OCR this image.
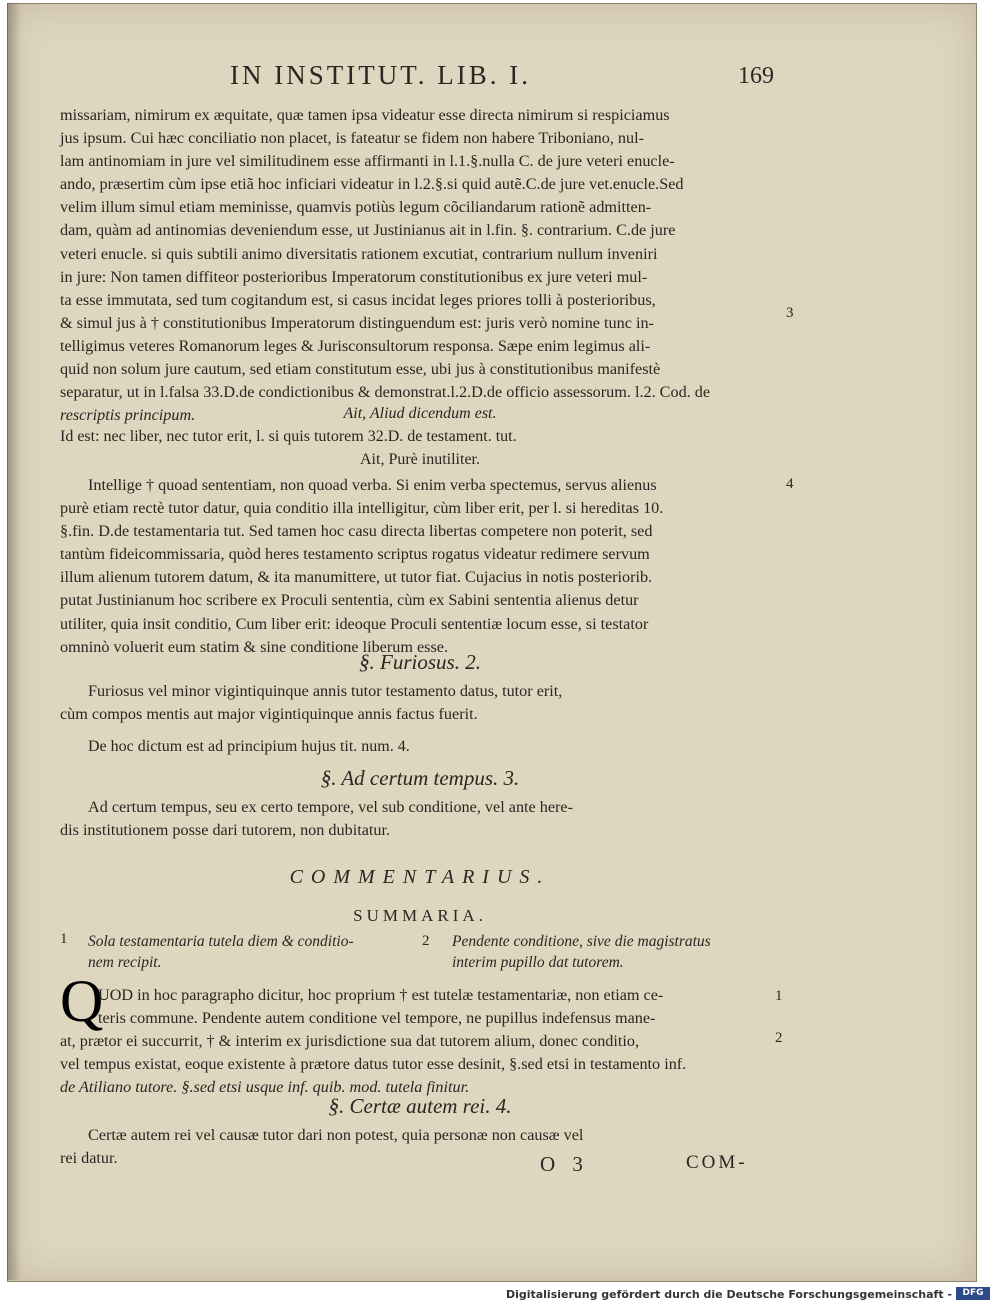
IN INSTITUT. LIB. I.	169

missariam, nimirum ex æquitate, quæ tamen ipsa videatur esse directa nimirum si respiciamus

jus ipsum. Cui hæc conciliatio non placet, is fateatur se fidem non habere Triboniano, nul-

lam antinomiam in jure vel similitudinem esse affirmanti in l.1.§.nulla C. de jure veteri enucle-

ando, præsertim cùm ipse etiã hoc inficiari videatur in l.2.§.si quid autẽ.C.de jure vet.enucle.Sed

velim illum simul etiam meminisse, quamvis potiùs legum cõciliandarum rationẽ admitten-

dam, quàm ad antinomias deveniendum esse, ut Justinianus ait in l.fin. §. contrarium. C.de jure

veteri enucle. si quis subtili animo diversitatis rationem excutiat, contrarium nullum inveniri

in jure: Non tamen diffiteor posterioribus Imperatorum constitutionibus ex jure veteri mul-

ta esse immutata, sed tum cogitandum est, si casus incidat leges priores tolli à posterioribus,

& simul jus à † constitutionibus Imperatorum distinguendum est: juris verò nomine tunc in-

telligimus veteres Romanorum leges & Jurisconsultorum responsa. Sæpe enim legimus ali-

quid non solum jure cautum, sed etiam constitutum esse, ubi jus à constitutionibus manifestè

separatur, ut in l.falsa 33.D.de condictionibus & demonstrat.l.2.D.de officio assessorum. l.2. Cod. de

rescriptis principum.

3
Ait, Aliud dicendum est.
Id est: nec liber, nec tutor erit, l. si quis tutorem 32.D. de testament. tut.
Ait, Purè inutiliter.

Intellige † quoad sententiam, non quoad verba. Si enim verba spectemus, servus alienus

purè etiam rectè tutor datur, quia conditio illa intelligitur, cùm liber erit, per l. si hereditas 10.

§.fin. D.de testamentaria tut. Sed tamen hoc casu directa libertas competere non poterit, sed

tantùm fideicommissaria, quòd heres testamento scriptus rogatus videatur redimere servum

illum alienum tutorem datum, & ita manumittere, ut tutor fiat. Cujacius in notis posteriorib.

putat Justinianum hoc scribere ex Proculi sententia, cùm ex Sabini sententia alienus detur

utiliter, quia insit conditio, Cum liber erit: ideoque Proculi sententiæ locum esse, si testator

omninò voluerit eum statim & sine conditione liberum esse.

4
§. Furiosus. 2.

Furiosus vel minor vigintiquinque annis tutor testamento datus, tutor erit,

cùm compos mentis aut major vigintiquinque annis factus fuerit.

De hoc dictum est ad principium hujus tit. num. 4.
§. Ad certum tempus. 3.

Ad certum tempus, seu ex certo tempore, vel sub conditione, vel ante here-

dis institutionem posse dari tutorem, non dubitatur.

COMMENTARIUS.
SUMMARIA.
1 Sola testamentaria tutela diem & conditio-
nem recipit.
2 Pendente conditione, sive die magistratus
interim pupillo dat tutorem.
Q

UOD in hoc paragrapho dicitur, hoc proprium † est tutelæ testamentariæ, non etiam ce-

teris commune. Pendente autem conditione vel tempore, ne pupillus indefensus mane-

at, prætor ei succurrit, † & interim ex jurisdictione sua dat tutorem alium, donec conditio,

vel tempus existat, eoque existente à prætore datus tutor esse desinit, §.sed etsi in testamento inf.

de Atiliano tutore. §.sed etsi usque inf. quib. mod. tutela finitur.

1
2
§. Certæ autem rei. 4.

Certæ autem rei vel causæ tutor dari non potest, quia personæ non causæ vel

rei datur.	O 3	COM-
Digitalisierung gefördert durch die Deutsche Forschungsgemeinschaft -	DFG
